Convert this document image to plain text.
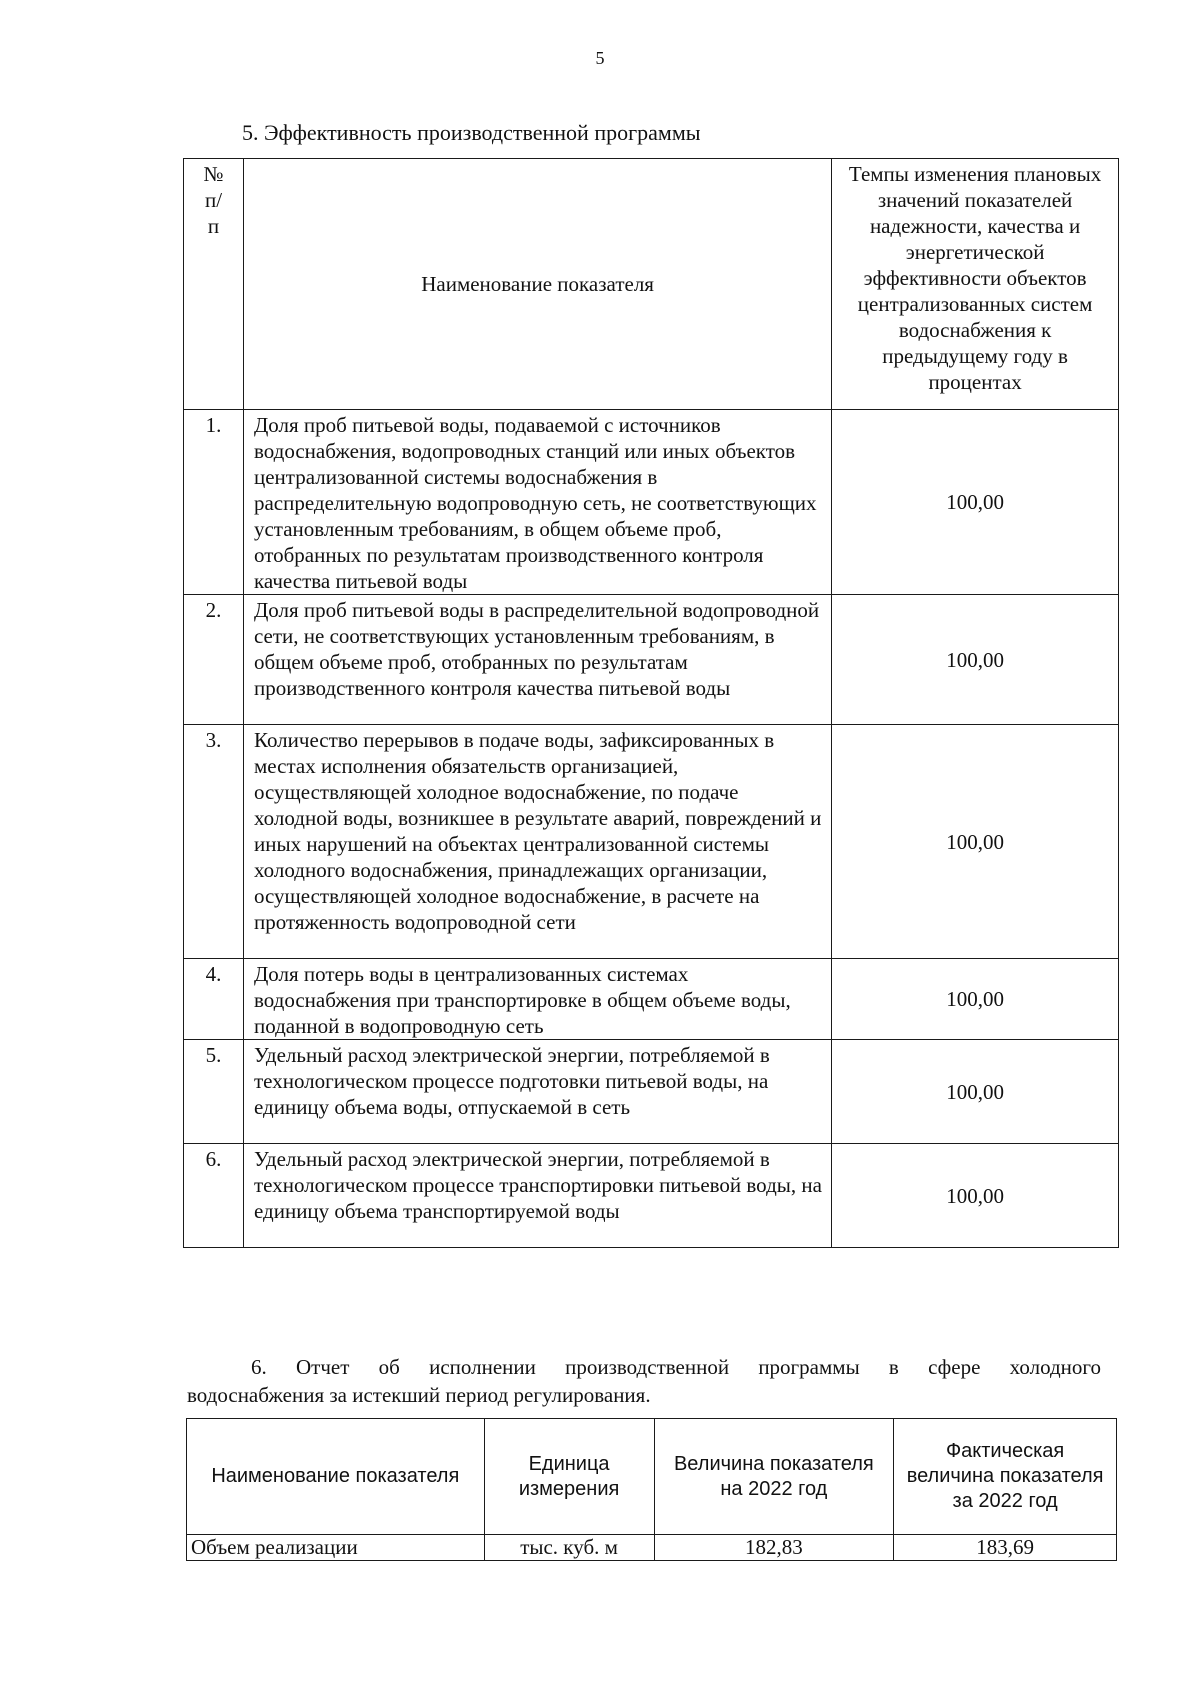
5
5. Эффективность производственной программы
№ п/п	Наименование показателя	Темпы изменения плановых значений показателей надежности, качества и энергетической эффективности объектов централизованных систем водоснабжения к предыдущему году в процентах
1.	Доля проб питьевой воды, подаваемой с источников водоснабжения, водопроводных станций или иных объектов централизованной системы водоснабжения в распределительную водопроводную сеть, не соответствующих установленным требованиям, в общем объеме проб, отобранных по результатам производственного контроля качества питьевой воды	100,00
2.	Доля проб питьевой воды в распределительной водопроводной сети, не соответствующих установленным требованиям, в общем объеме проб, отобранных по результатам производственного контроля качества питьевой воды	100,00
3.	Количество перерывов в подаче воды, зафиксированных в местах исполнения обязательств организацией, осуществляющей холодное водоснабжение, по подаче холодной воды, возникшее в результате аварий, повреждений и иных нарушений на объектах централизованной системы холодного водоснабжения, принадлежащих организации, осуществляющей холодное водоснабжение, в расчете на протяженность водопроводной сети	100,00
4.	Доля потерь воды в централизованных системах водоснабжения при транспортировке в общем объеме воды, поданной в водопроводную сеть	100,00
5.	Удельный расход электрической энергии, потребляемой в технологическом процессе подготовки питьевой воды, на единицу объема воды, отпускаемой в сеть	100,00
6.	Удельный расход электрической энергии, потребляемой в технологическом процессе транспортировки питьевой воды, на единицу объема транспортируемой воды	100,00
6. Отчет об исполнении производственной программы в сфере холодного
водоснабжения за истекший период регулирования.
Наименование показателя	Единица измерения	Величина показателя на 2022 год	Фактическая величина показателя за 2022 год
Объем реализации	тыс. куб. м	182,83	183,69
